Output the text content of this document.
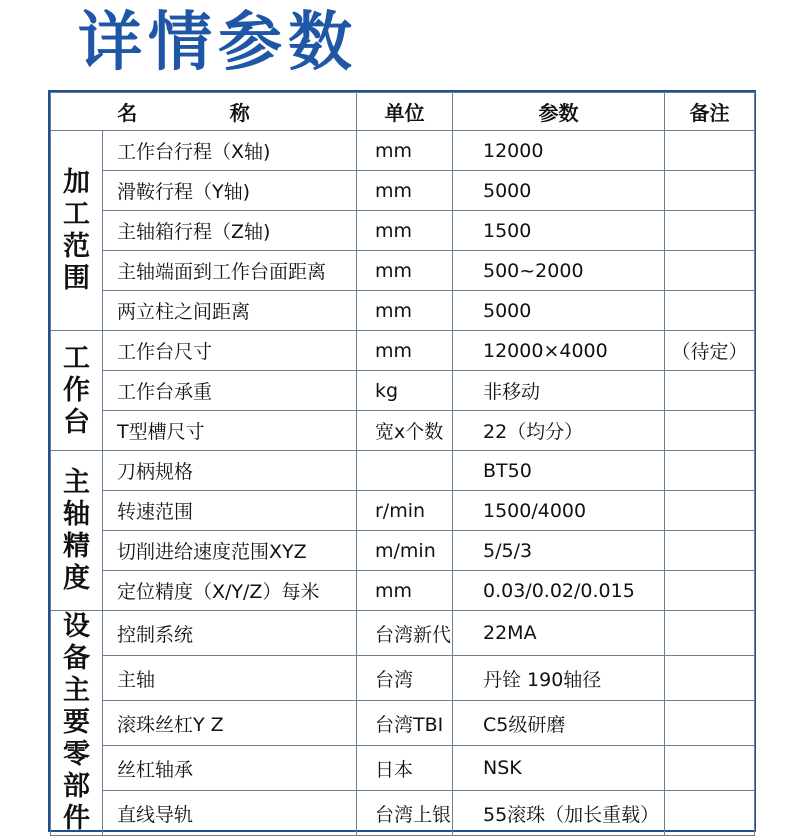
详情参数
名 称		单位	参数	备注
加工范围	工作台行程（X轴)	mm	12000	
	滑鞍行程（Y轴)	mm	5000	
	主轴箱行程（Z轴)	mm	1500	
	主轴端面到工作台面距离	mm	500~2000	
	两立柱之间距离	mm	5000	
工作台	工作台尺寸	mm	12000×4000	（待定）
	工作台承重	kg	非移动	
	T型槽尺寸	宽x个数	22（均分）	
主轴精度	刀柄规格		BT50	
	转速范围	r/min	1500/4000	
	切削进给速度范围XYZ	m/min	5/5/3	
	定位精度（X/Y/Z）每米	mm	0.03/0.02/0.015	
设备主要零部件	控制系统	台湾新代	22MA	
	主轴	台湾	丹铨 190轴径	
	滚珠丝杠Y Z	台湾TBI	C5级研磨	
	丝杠轴承	日本	NSK	
	直线导轨	台湾上银	55滚珠（加长重载）	
